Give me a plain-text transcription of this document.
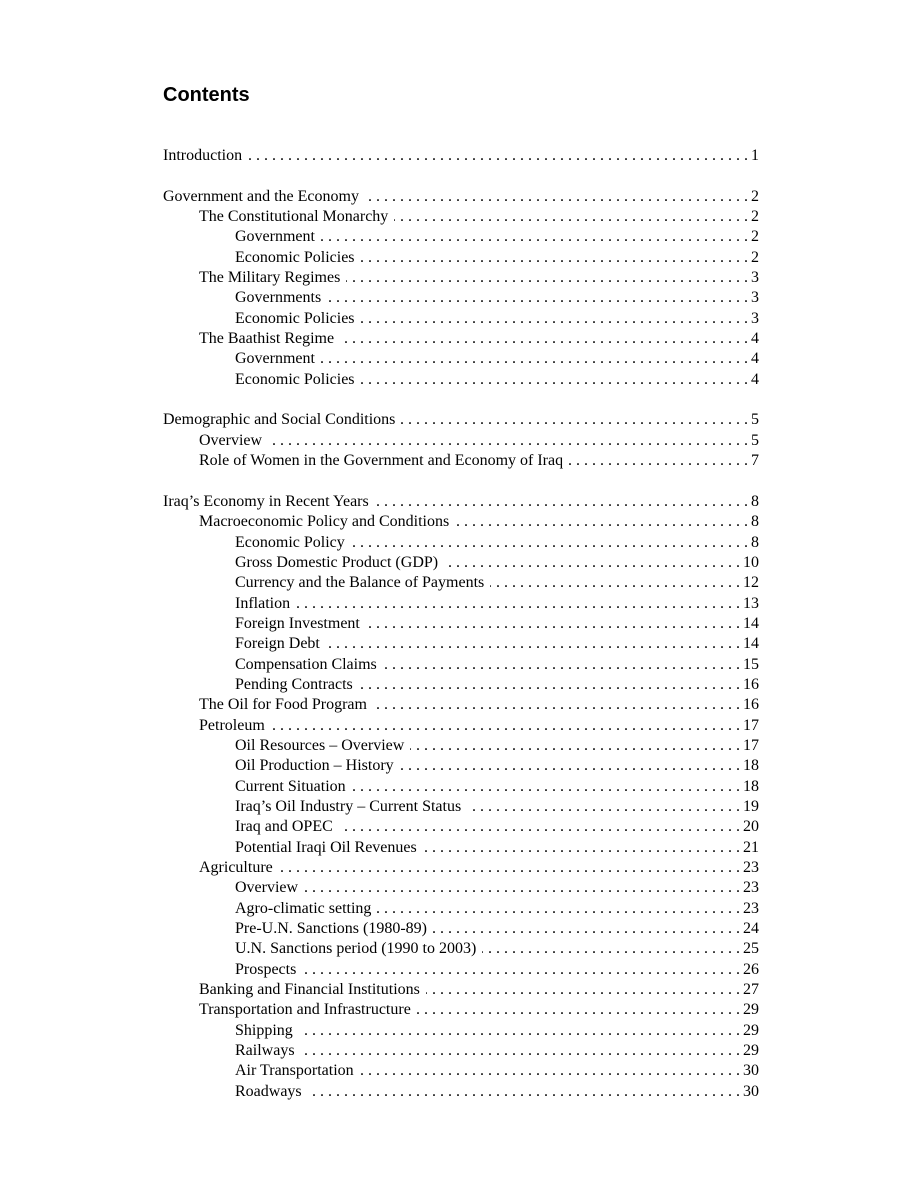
Contents
Introduction . . .	1
Government and the Economy . . .	2
The Constitutional Monarchy . . .	2
Government . . .	2
Economic Policies . . .	2
The Military Regimes . . .	3
Governments . . .	3
Economic Policies . . .	3
The Baathist Regime . . .	4
Government . . .	4
Economic Policies . . .	4
Demographic and Social Conditions . . .	5
Overview . . .	5
Role of Women in the Government and Economy of Iraq . . .	7
Iraq’s Economy in Recent Years . . .	8
Macroeconomic Policy and Conditions . . .	8
Economic Policy . . .	8
Gross Domestic Product (GDP) . . .	10
Currency and the Balance of Payments . . .	12
Inflation . . .	13
Foreign Investment . . .	14
Foreign Debt . . .	14
Compensation Claims . . .	15
Pending Contracts . . .	16
The Oil for Food Program . . .	16
Petroleum . . .	17
Oil Resources – Overview . . .	17
Oil Production – History . . .	18
Current Situation . . .	18
Iraq’s Oil Industry – Current Status . . .	19
Iraq and OPEC . . .	20
Potential Iraqi Oil Revenues . . .	21
Agriculture . . .	23
Overview . . .	23
Agro-climatic setting . . .	23
Pre-U.N. Sanctions (1980-89) . . .	24
U.N. Sanctions period (1990 to 2003) . . .	25
Prospects . . .	26
Banking and Financial Institutions . . .	27
Transportation and Infrastructure . . .	29
Shipping . . .	29
Railways . . .	29
Air Transportation . . .	30
Roadways . . .	30
